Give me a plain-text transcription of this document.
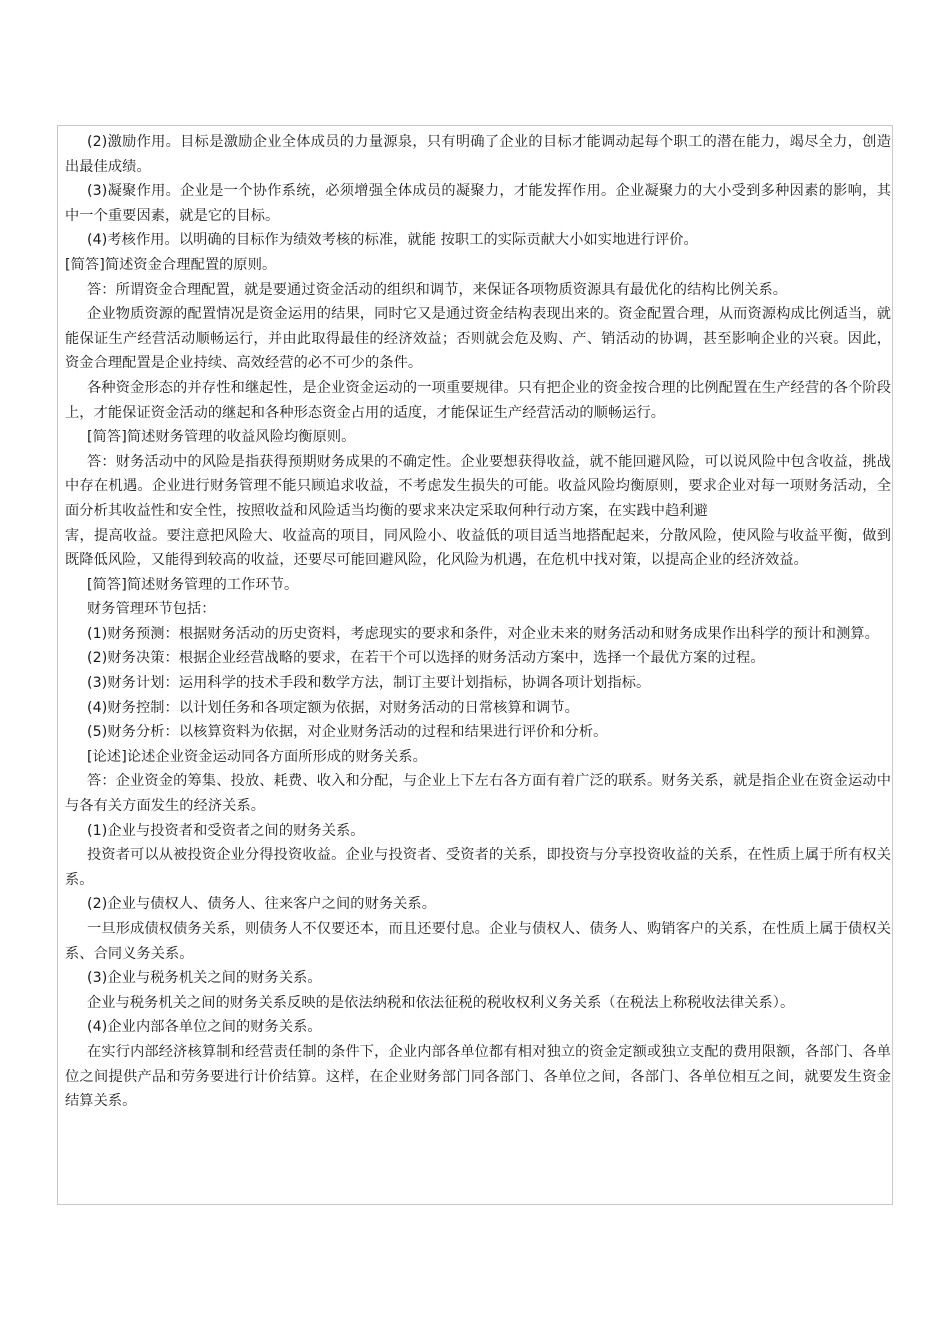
(2)激励作用。目标是激励企业全体成员的力量源泉，只有明确了企业的目标才能调动起每个职工的潜在能力，竭尽全力，创造出最佳成绩。

(3)凝聚作用。企业是一个协作系统，必须增强全体成员的凝聚力，才能发挥作用。企业凝聚力的大小受到多种因素的影响，其中一个重要因素，就是它的目标。

(4)考核作用。以明确的目标作为绩效考核的标准，就能 按职工的实际贡献大小如实地进行评价。

[简答]简述资金合理配置的原则。

答：所谓资金合理配置，就是要通过资金活动的组织和调节，来保证各项物质资源具有最优化的结构比例关系。

企业物质资源的配置情况是资金运用的结果，同时它又是通过资金结构表现出来的。资金配置合理，从而资源构成比例适当，就能保证生产经营活动顺畅运行，并由此取得最佳的经济效益；否则就会危及购、产、销活动的协调，甚至影响企业的兴衰。因此，资金合理配置是企业持续、高效经营的必不可少的条件。

各种资金形态的并存性和继起性，是企业资金运动的一项重要规律。只有把企业的资金按合理的比例配置在生产经营的各个阶段上，才能保证资金活动的继起和各种形态资金占用的适度，才能保证生产经营活动的顺畅运行。

[简答]简述财务管理的收益风险均衡原则。

答：财务活动中的风险是指获得预期财务成果的不确定性。企业要想获得收益，就不能回避风险，可以说风险中包含收益，挑战中存在机遇。企业进行财务管理不能只顾追求收益，不考虑发生损失的可能。收益风险均衡原则，要求企业对每一项财务活动，全面分析其收益性和安全性，按照收益和风险适当均衡的要求来决定采取何种行动方案，在实践中趋利避

害，提高收益。要注意把风险大、收益高的项目，同风险小、收益低的项目适当地搭配起来，分散风险，使风险与收益平衡，做到既降低风险，又能得到较高的收益，还要尽可能回避风险，化风险为机遇，在危机中找对策，以提高企业的经济效益。

[简答]简述财务管理的工作环节。

财务管理环节包括：

(1)财务预测：根据财务活动的历史资料，考虑现实的要求和条件，对企业未来的财务活动和财务成果作出科学的预计和测算。

(2)财务决策：根据企业经营战略的要求，在若干个可以选择的财务活动方案中，选择一个最优方案的过程。

(3)财务计划：运用科学的技术手段和数学方法，制订主要计划指标，协调各项计划指标。

(4)财务控制：以计划任务和各项定额为依据，对财务活动的日常核算和调节。

(5)财务分析：以核算资料为依据，对企业财务活动的过程和结果进行评价和分析。

[论述]论述企业资金运动同各方面所形成的财务关系。

答：企业资金的筹集、投放、耗费、收入和分配，与企业上下左右各方面有着广泛的联系。财务关系，就是指企业在资金运动中与各有关方面发生的经济关系。

(1)企业与投资者和受资者之间的财务关系。

投资者可以从被投资企业分得投资收益。企业与投资者、受资者的关系，即投资与分享投资收益的关系，在性质上属于所有权关系。

(2)企业与债权人、债务人、往来客户之间的财务关系。

一旦形成债权债务关系，则债务人不仅要还本，而且还要付息。企业与债权人、债务人、购销客户的关系，在性质上属于债权关系、合同义务关系。

(3)企业与税务机关之间的财务关系。

企业与税务机关之间的财务关系反映的是依法纳税和依法征税的税收权利义务关系（在税法上称税收法律关系）。

(4)企业内部各单位之间的财务关系。

在实行内部经济核算制和经营责任制的条件下，企业内部各单位都有相对独立的资金定额或独立支配的费用限额，各部门、各单位之间提供产品和劳务要进行计价结算。这样，在企业财务部门同各部门、各单位之间，各部门、各单位相互之间，就要发生资金结算关系。
